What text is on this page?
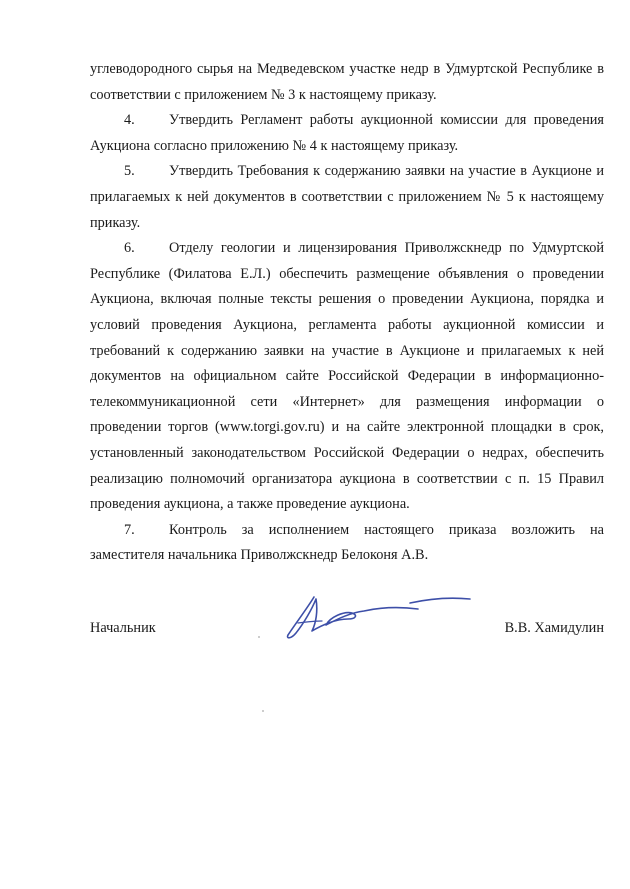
углеводородного сырья на Медведевском участке недр в Удмуртской Республике в соответствии с приложением № 3 к настоящему приказу.

4. Утвердить Регламент работы аукционной комиссии для проведения Аукциона согласно приложению № 4 к настоящему приказу.

5. Утвердить Требования к содержанию заявки на участие в Аукционе и прилагаемых к ней документов в соответствии с приложением № 5 к настоящему приказу.

6. Отделу геологии и лицензирования Приволжскнедр по Удмуртской Республике (Филатова Е.Л.) обеспечить размещение объявления о проведении Аукциона, включая полные тексты решения о проведении Аукциона, порядка и условий проведения Аукциона, регламента работы аукционной комиссии и требований к содержанию заявки на участие в Аукционе и прилагаемых к ней документов на официальном сайте Российской Федерации в информационно-телекоммуникационной сети «Интернет» для размещения информации о проведении торгов (www.torgi.gov.ru) и на сайте электронной площадки в срок, установленный законодательством Российской Федерации о недрах, обеспечить реализацию полномочий организатора аукциона в соответствии с п. 15 Правил проведения аукциона, а также проведение аукциона.

7. Контроль за исполнением настоящего приказа возложить на заместителя начальника Приволжскнедр Белоконя А.В.

Начальник	В.В. Хамидулин
